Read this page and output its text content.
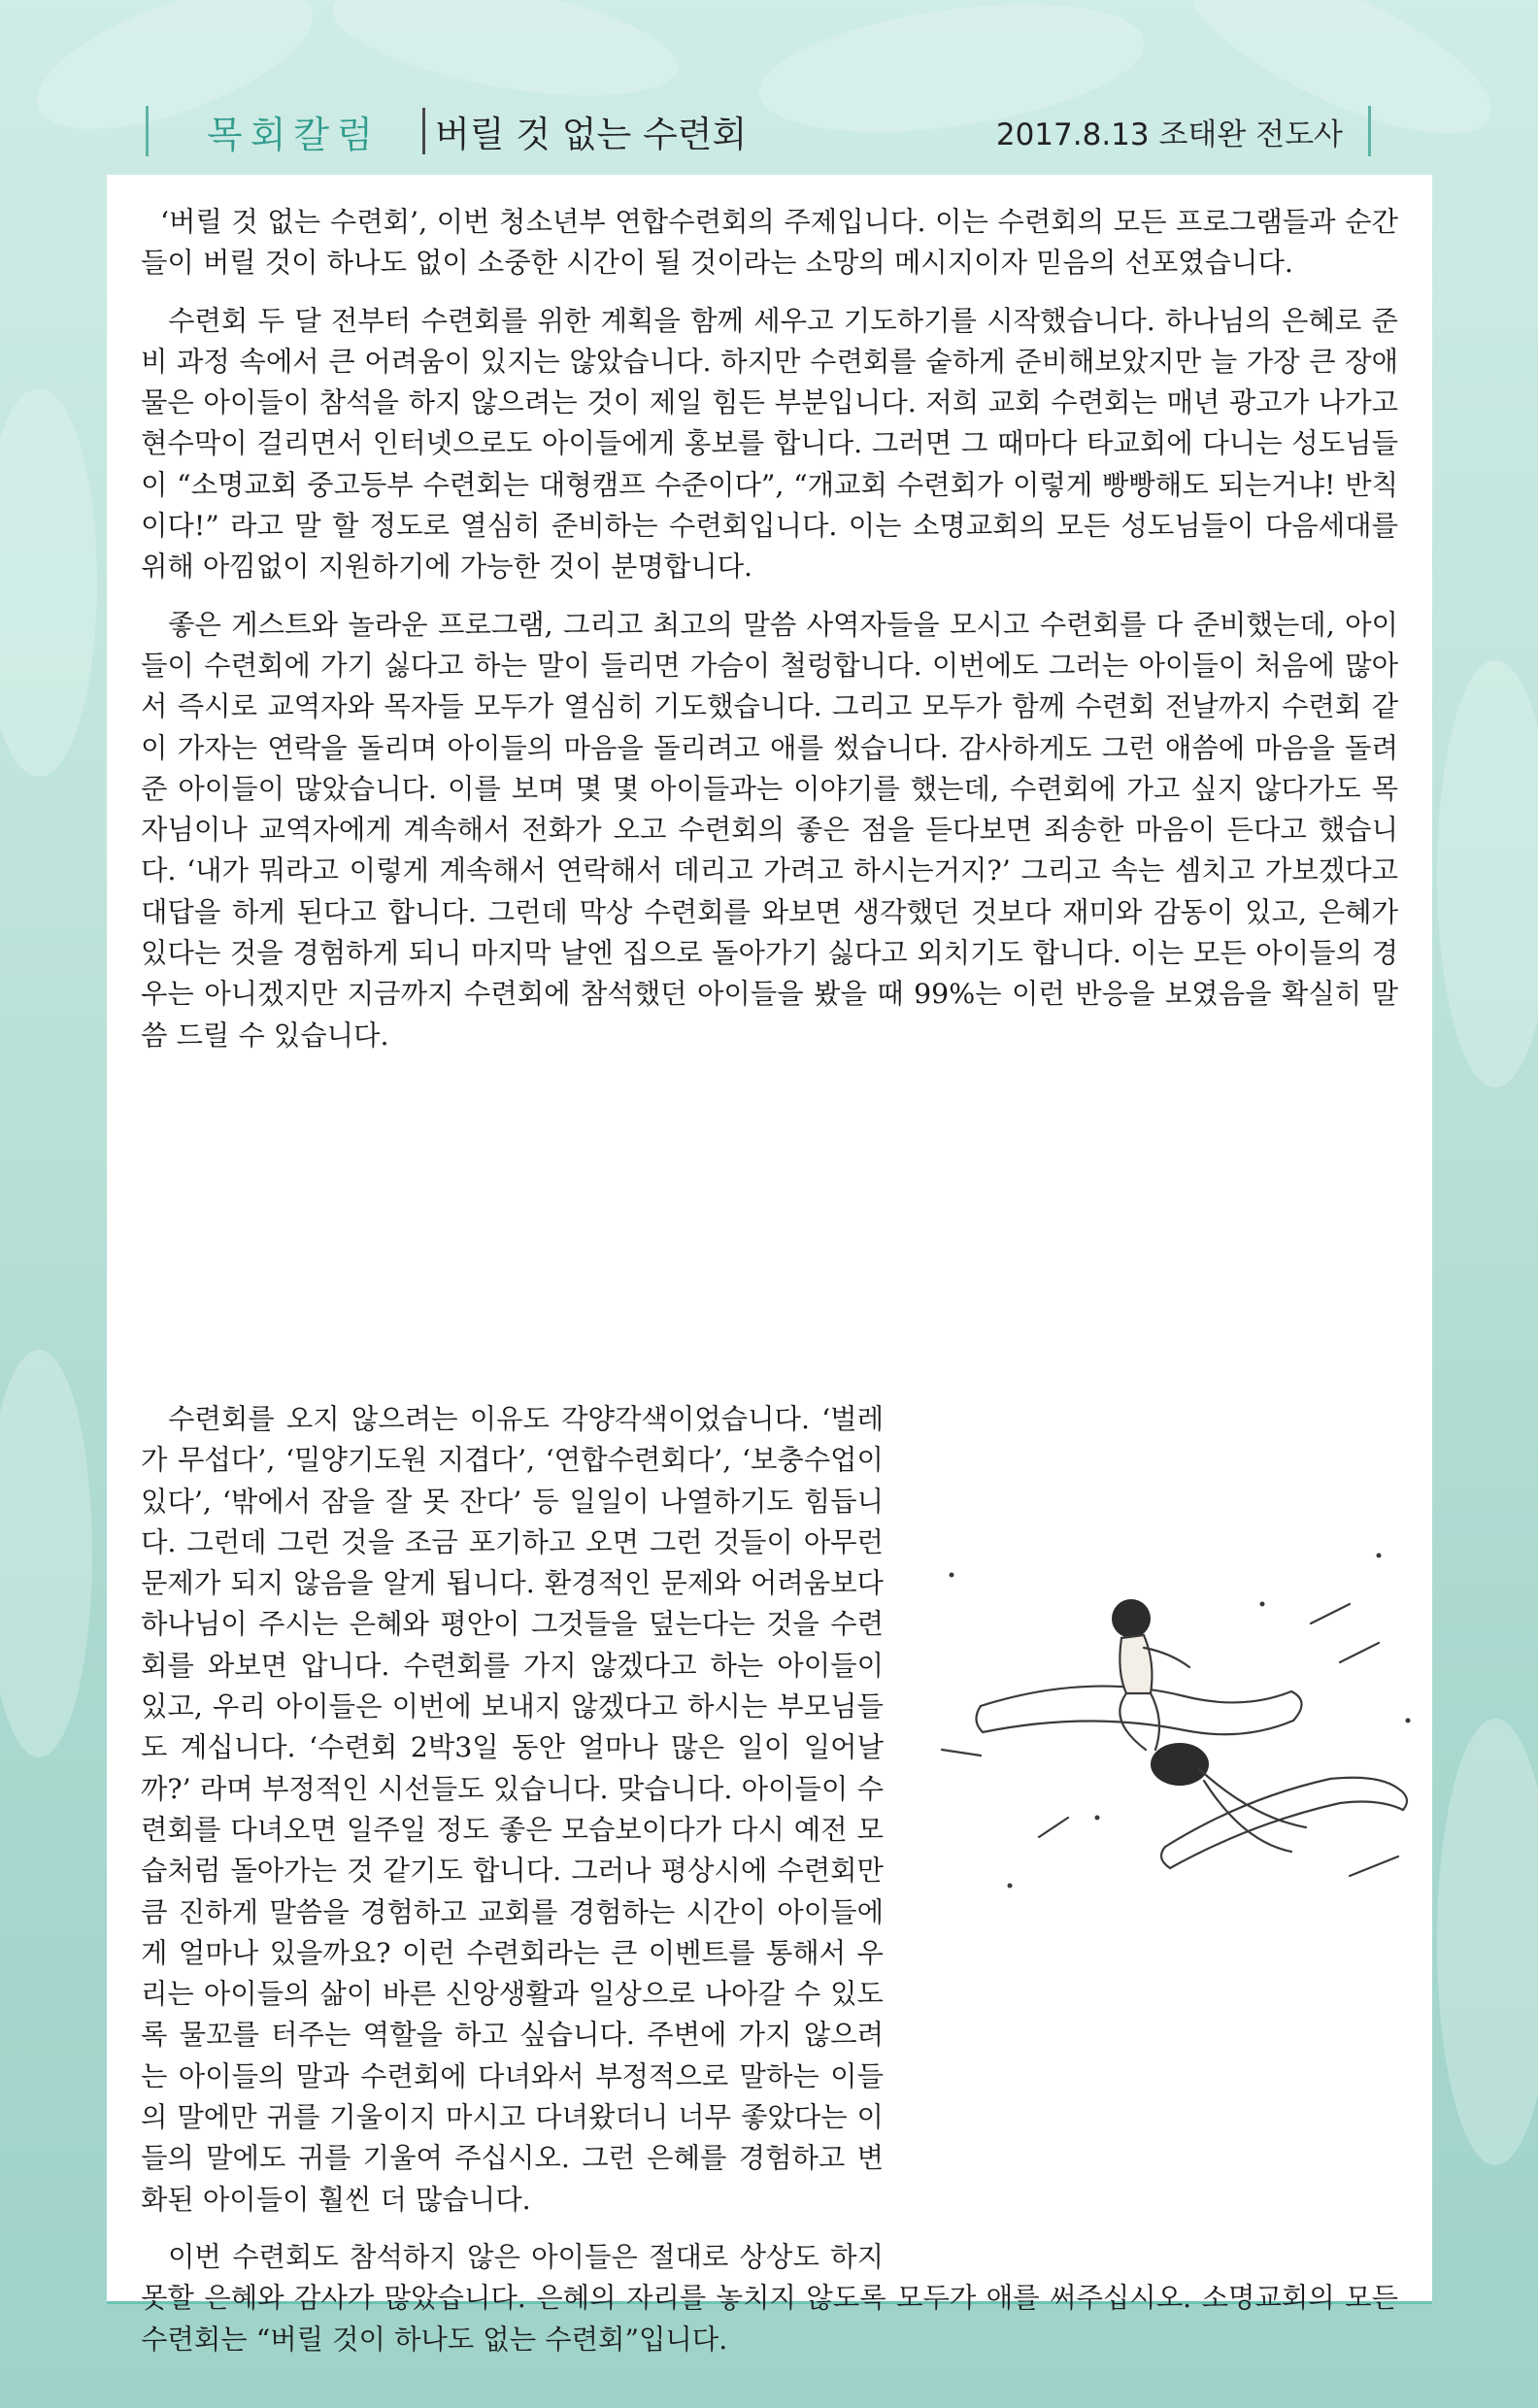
목회칼럼	버릴 것 없는 수련회	2017.8.13 조태완 전도사

‘버릴 것 없는 수련회’, 이번 청소년부 연합수련회의 주제입니다. 이는 수련회의 모든 프로그램들과 순간들이 버릴 것이 하나도 없이 소중한 시간이 될 것이라는 소망의 메시지이자 믿음의 선포였습니다.

수련회 두 달 전부터 수련회를 위한 계획을 함께 세우고 기도하기를 시작했습니다. 하나님의 은혜로 준비 과정 속에서 큰 어려움이 있지는 않았습니다. 하지만 수련회를 숱하게 준비해보았지만 늘 가장 큰 장애물은 아이들이 참석을 하지 않으려는 것이 제일 힘든 부분입니다. 저희 교회 수련회는 매년 광고가 나가고 현수막이 걸리면서 인터넷으로도 아이들에게 홍보를 합니다. 그러면 그 때마다 타교회에 다니는 성도님들이 “소명교회 중고등부 수련회는 대형캠프 수준이다”, “개교회 수련회가 이렇게 빵빵해도 되는거냐! 반칙이다!” 라고 말 할 정도로 열심히 준비하는 수련회입니다. 이는 소명교회의 모든 성도님들이 다음세대를 위해 아낌없이 지원하기에 가능한 것이 분명합니다.

좋은 게스트와 놀라운 프로그램, 그리고 최고의 말씀 사역자들을 모시고 수련회를 다 준비했는데, 아이들이 수련회에 가기 싫다고 하는 말이 들리면 가슴이 철렁합니다. 이번에도 그러는 아이들이 처음에 많아서 즉시로 교역자와 목자들 모두가 열심히 기도했습니다. 그리고 모두가 함께 수련회 전날까지 수련회 같이 가자는 연락을 돌리며 아이들의 마음을 돌리려고 애를 썼습니다. 감사하게도 그런 애씀에 마음을 돌려준 아이들이 많았습니다. 이를 보며 몇 몇 아이들과는 이야기를 했는데, 수련회에 가고 싶지 않다가도 목자님이나 교역자에게 계속해서 전화가 오고 수련회의 좋은 점을 듣다보면 죄송한 마음이 든다고 했습니다. ‘내가 뭐라고 이렇게 계속해서 연락해서 데리고 가려고 하시는거지?’ 그리고 속는 셈치고 가보겠다고 대답을 하게 된다고 합니다. 그런데 막상 수련회를 와보면 생각했던 것보다 재미와 감동이 있고, 은혜가 있다는 것을 경험하게 되니 마지막 날엔 집으로 돌아가기 싫다고 외치기도 합니다. 이는 모든 아이들의 경우는 아니겠지만 지금까지 수련회에 참석했던 아이들을 봤을 때 99%는 이런 반응을 보였음을 확실히 말씀 드릴 수 있습니다.

수련회를 오지 않으려는 이유도 각양각색이었습니다. ‘벌레가 무섭다’, ‘밀양기도원 지겹다’, ‘연합수련회다’, ‘보충수업이 있다’, ‘밖에서 잠을 잘 못 잔다’ 등 일일이 나열하기도 힘듭니다. 그런데 그런 것을 조금 포기하고 오면 그런 것들이 아무런 문제가 되지 않음을 알게 됩니다. 환경적인 문제와 어려움보다 하나님이 주시는 은혜와 평안이 그것들을 덮는다는 것을 수련회를 와보면 압니다. 수련회를 가지 않겠다고 하는 아이들이 있고, 우리 아이들은 이번에 보내지 않겠다고 하시는 부모님들도 계십니다. ‘수련회 2박3일 동안 얼마나 많은 일이 일어날까?’ 라며 부정적인 시선들도 있습니다. 맞습니다. 아이들이 수련회를 다녀오면 일주일 정도 좋은 모습보이다가 다시 예전 모습처럼 돌아가는 것 같기도 합니다. 그러나 평상시에 수련회만큼 진하게 말씀을 경험하고 교회를 경험하는 시간이 아이들에게 얼마나 있을까요? 이런 수련회라는 큰 이벤트를 통해서 우리는 아이들의 삶이 바른 신앙생활과 일상으로 나아갈 수 있도록 물꼬를 터주는 역할을 하고 싶습니다. 주변에 가지 않으려는 아이들의 말과 수련회에 다녀와서 부정적으로 말하는 이들의 말에만 귀를 기울이지 마시고 다녀왔더니 너무 좋았다는 이들의 말에도 귀를 기울여 주십시오. 그런 은혜를 경험하고 변화된 아이들이 훨씬 더 많습니다.

이번 수련회도 참석하지 않은 아이들은 절대로 상상도 하지 못할 은혜와 감사가 많았습니다. 은혜의 자리를 놓치지 않도록 모두가 애를 써주십시오. 소명교회의 모든 수련회는 “버릴 것이 하나도 없는 수련회”입니다.
